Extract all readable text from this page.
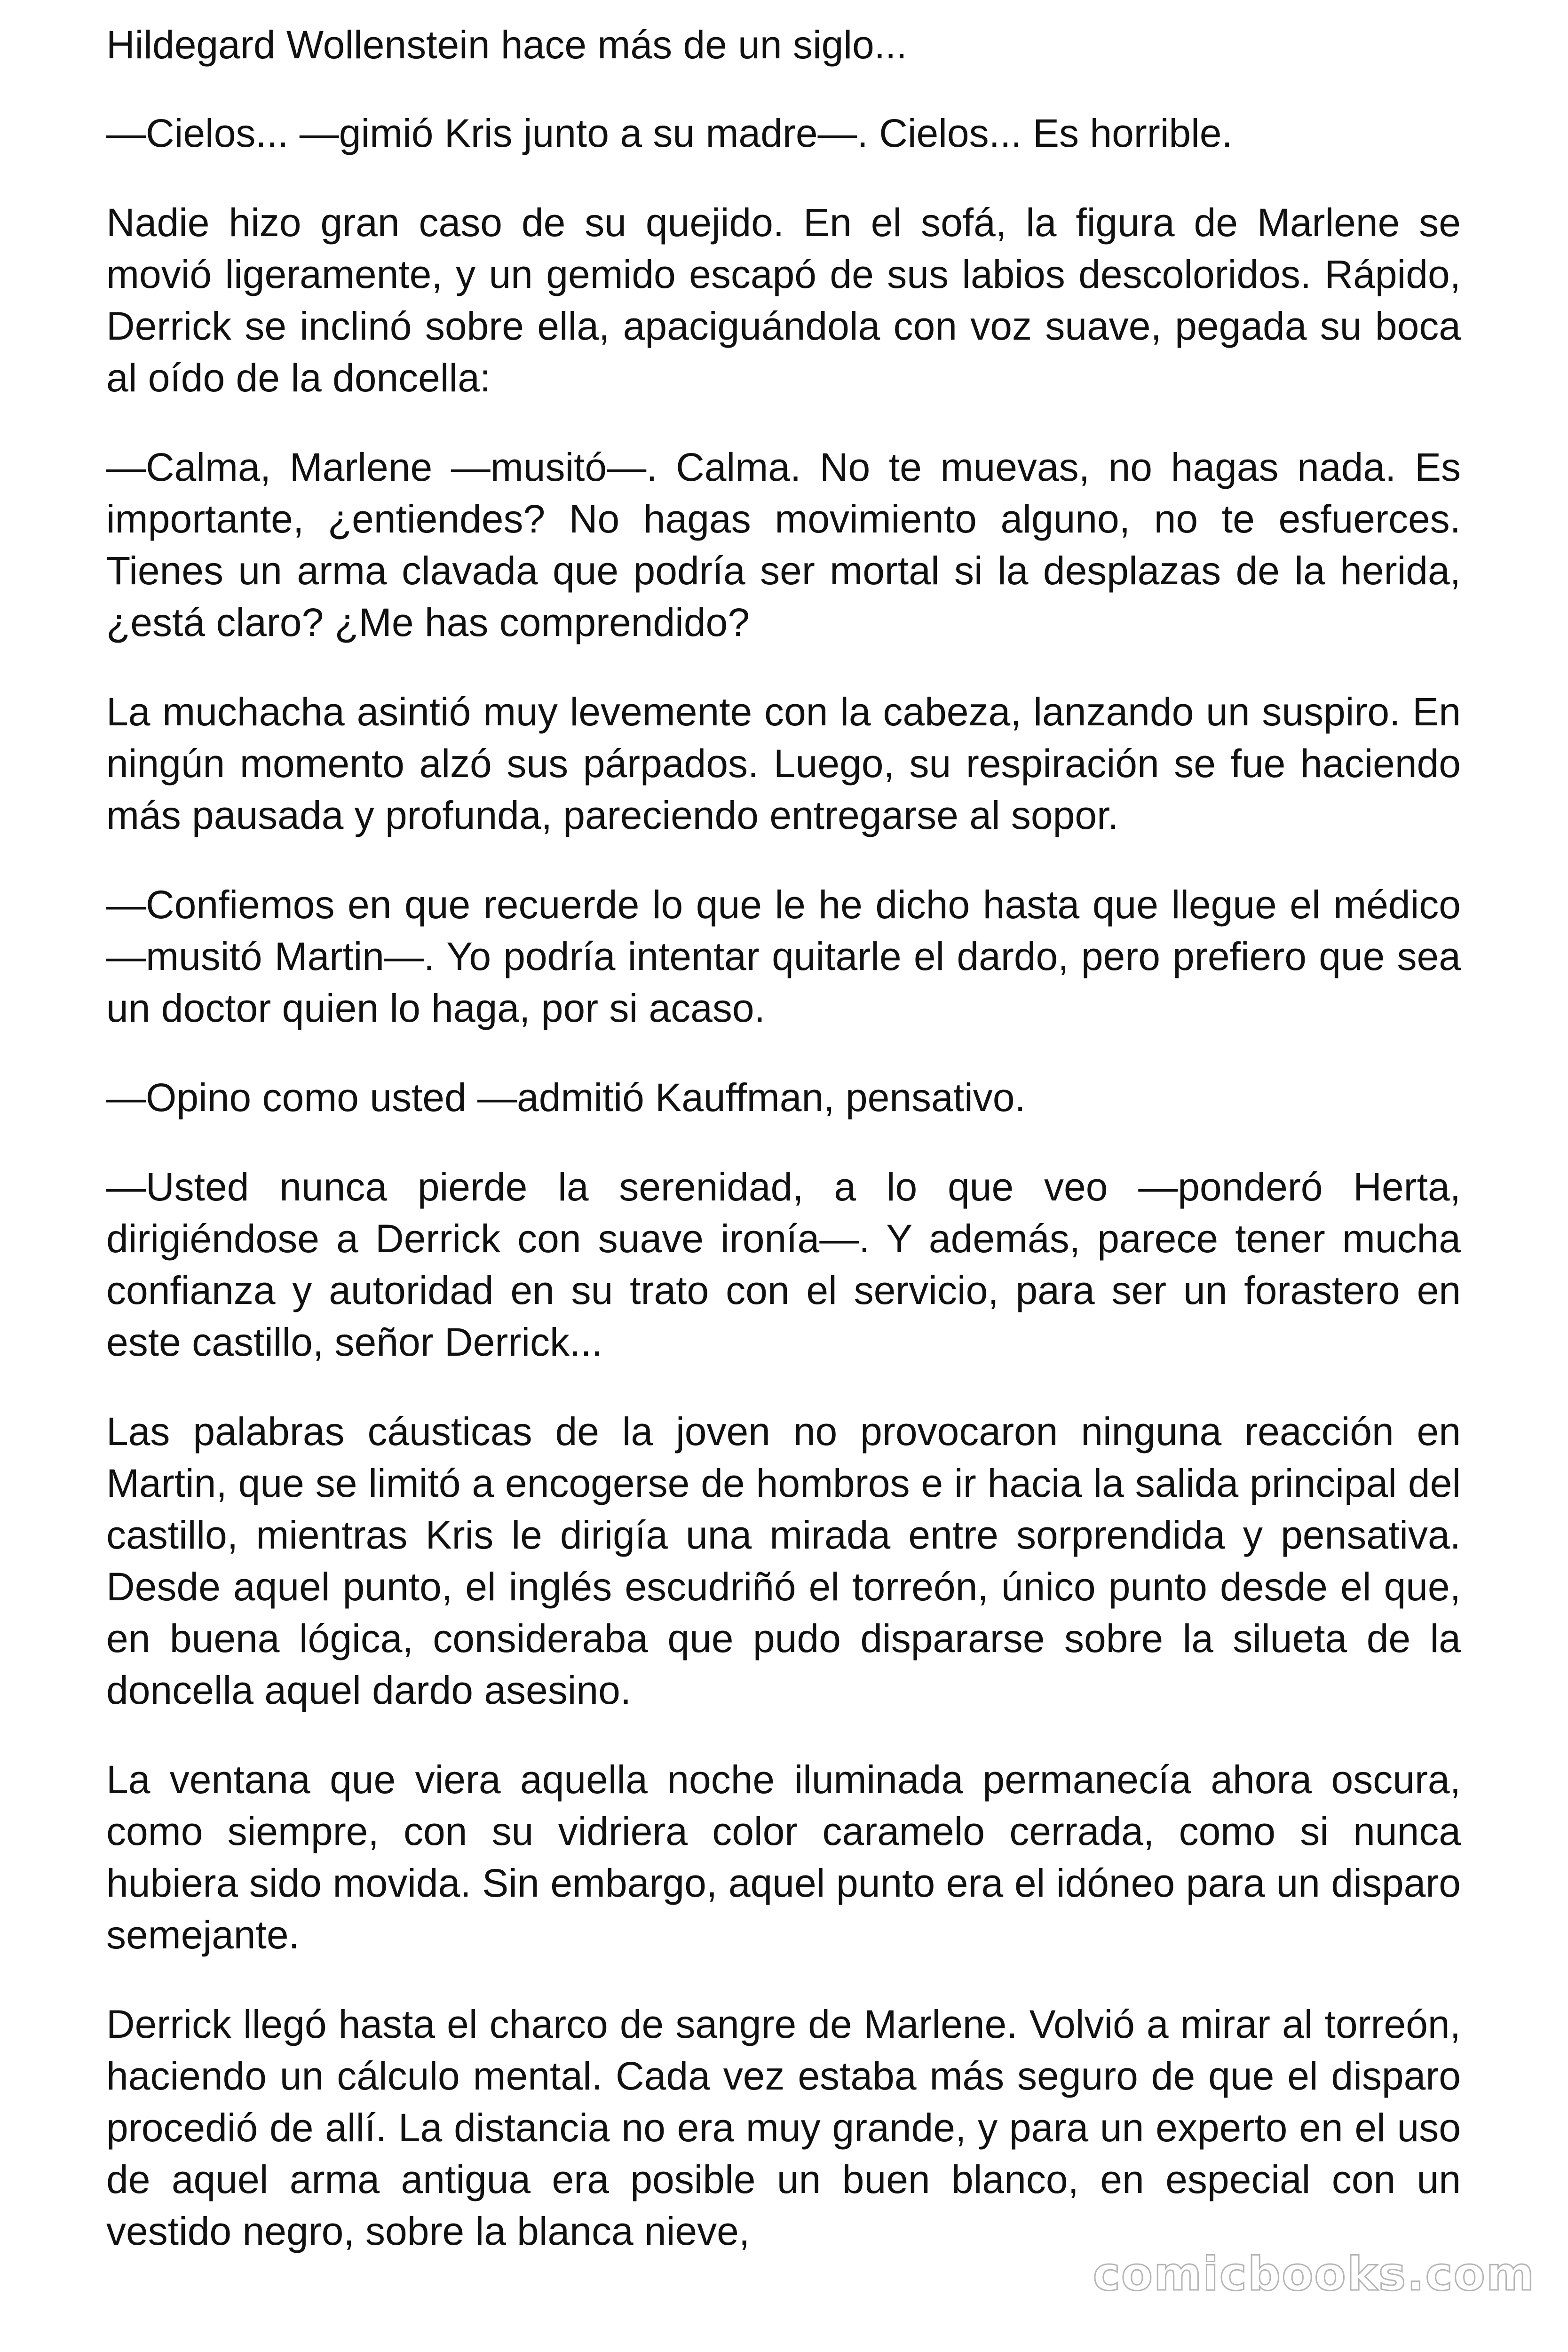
Hildegard Wollenstein hace más de un siglo...

—Cielos... —gimió Kris junto a su madre—. Cielos... Es horrible.

Nadie hizo gran caso de su quejido. En el sofá, la figura de Marlene se movió ligeramente, y un gemido escapó de sus labios descoloridos. Rápido, Derrick se inclinó sobre ella, apaciguándola con voz suave, pegada su boca al oído de la doncella:

—Calma, Marlene —musitó—. Calma. No te muevas, no hagas nada. Es importante, ¿entiendes? No hagas movimiento alguno, no te esfuerces. Tienes un arma clavada que podría ser mortal si la desplazas de la herida, ¿está claro? ¿Me has comprendido?

La muchacha asintió muy levemente con la cabeza, lanzando un suspiro. En ningún momento alzó sus párpados. Luego, su respiración se fue haciendo más pausada y profunda, pareciendo entregarse al sopor.

—Confiemos en que recuerde lo que le he dicho hasta que llegue el médico —musitó Martin—. Yo podría intentar quitarle el dardo, pero prefiero que sea un doctor quien lo haga, por si acaso.

—Opino como usted —admitió Kauffman, pensativo.

—Usted nunca pierde la serenidad, a lo que veo —ponderó Herta, dirigiéndose a Derrick con suave ironía—. Y además, parece tener mucha confianza y autoridad en su trato con el servicio, para ser un forastero en este castillo, señor Derrick...

Las palabras cáusticas de la joven no provocaron ninguna reacción en Martin, que se limitó a encogerse de hombros e ir hacia la salida principal del castillo, mientras Kris le dirigía una mirada entre sorprendida y pensativa. Desde aquel punto, el inglés escudriñó el torreón, único punto desde el que, en buena lógica, consideraba que pudo dispararse sobre la silueta de la doncella aquel dardo asesino.

La ventana que viera aquella noche iluminada permanecía ahora oscura, como siempre, con su vidriera color caramelo cerrada, como si nunca hubiera sido movida. Sin embargo, aquel punto era el idóneo para un disparo semejante.

Derrick llegó hasta el charco de sangre de Marlene. Volvió a mirar al torreón, haciendo un cálculo mental. Cada vez estaba más seguro de que el disparo procedió de allí. La distancia no era muy grande, y para un experto en el uso de aquel arma antigua era posible un buen blanco, en especial con un vestido negro, sobre la blanca nieve,

comicbooks.com
